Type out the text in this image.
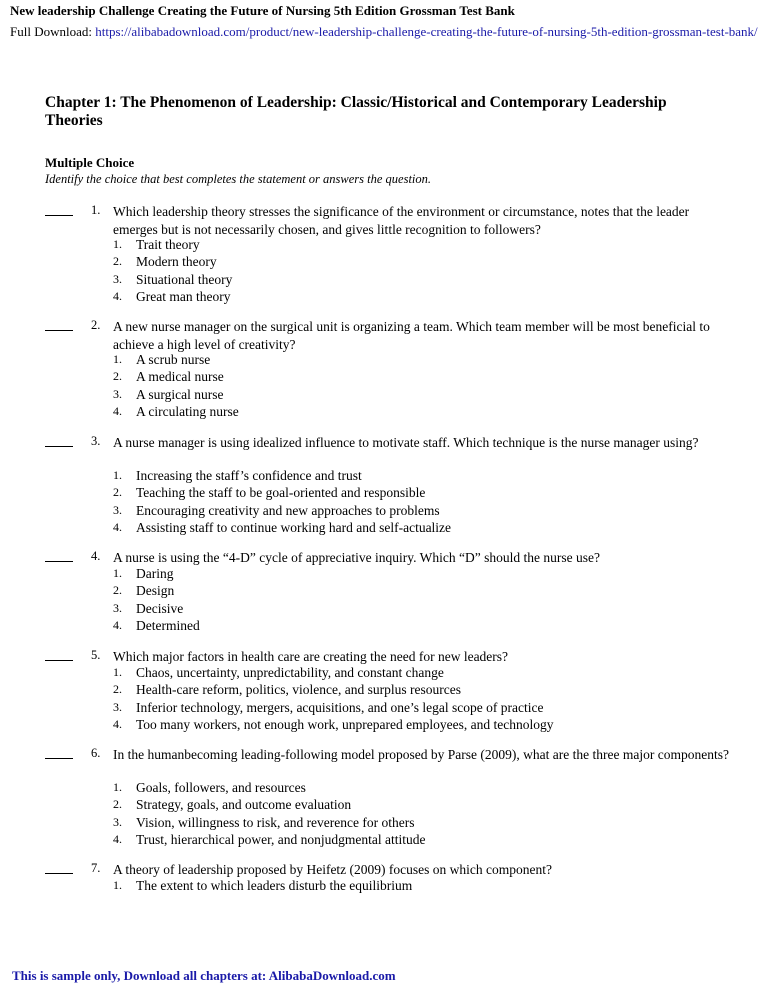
New leadership Challenge Creating the Future of Nursing 5th Edition Grossman Test Bank
Full Download: https://alibabadownload.com/product/new-leadership-challenge-creating-the-future-of-nursing-5th-edition-grossman-test-bank/
Chapter 1: The Phenomenon of Leadership: Classic/Historical and Contemporary Leadership Theories
Multiple Choice
Identify the choice that best completes the statement or answers the question.
1. Which leadership theory stresses the significance of the environment or circumstance, notes that the leader emerges but is not necessarily chosen, and gives little recognition to followers?
1. Trait theory
2. Modern theory
3. Situational theory
4. Great man theory
2. A new nurse manager on the surgical unit is organizing a team. Which team member will be most beneficial to achieve a high level of creativity?
1. A scrub nurse
2. A medical nurse
3. A surgical nurse
4. A circulating nurse
3. A nurse manager is using idealized influence to motivate staff. Which technique is the nurse manager using?
1. Increasing the staff’s confidence and trust
2. Teaching the staff to be goal-oriented and responsible
3. Encouraging creativity and new approaches to problems
4. Assisting staff to continue working hard and self-actualize
4. A nurse is using the “4-D” cycle of appreciative inquiry. Which “D” should the nurse use?
1. Daring
2. Design
3. Decisive
4. Determined
5. Which major factors in health care are creating the need for new leaders?
1. Chaos, uncertainty, unpredictability, and constant change
2. Health-care reform, politics, violence, and surplus resources
3. Inferior technology, mergers, acquisitions, and one’s legal scope of practice
4. Too many workers, not enough work, unprepared employees, and technology
6. In the humanbecoming leading-following model proposed by Parse (2009), what are the three major components?
1. Goals, followers, and resources
2. Strategy, goals, and outcome evaluation
3. Vision, willingness to risk, and reverence for others
4. Trust, hierarchical power, and nonjudgmental attitude
7. A theory of leadership proposed by Heifetz (2009) focuses on which component?
1. The extent to which leaders disturb the equilibrium
This is sample only, Download all chapters at: AlibabaDownload.com
